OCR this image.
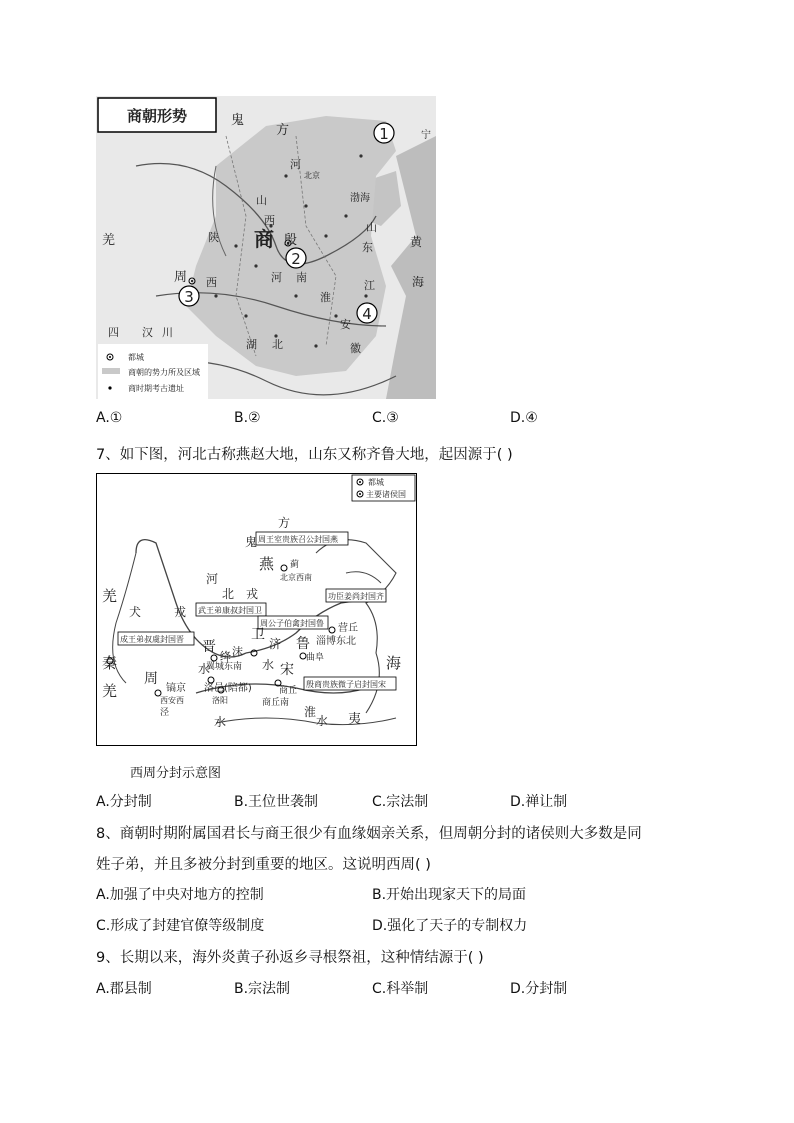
商朝形势	鬼
方
商 殷
周
羌
渤海
黄
海
河
南
河
淮
山
西
山
东
陕
西	江
安
徽
湖 北
四	川
汉
宁
北京
1
2
3
4
都城
商朝的势力所及区域
商时期考古遗址
A.①	B.②	C.③	D.④
7、如下图，河北古称燕赵大地，山东又称齐鲁大地，起因源于( )
都城
主要诸侯国
周王室贵族召公封国燕
武王弟康叔封国卫
周公子伯禽封国鲁
功臣姜尚封国齐
成王弟叔虞封国晋
殷商贵族微子启封国宋
方
鬼
燕 蓟
北京西南
河
北 戎
犬	戎
羌
羌
秦
周
晋
绛
翼城东南
卫
沫
济
水
鲁
曲阜
营丘
淄博东北
宋
商丘
商丘南
镐京
西安西
洛邑(陪都)
洛阳
海
夷
淮
水
水
水
泾
西周分封示意图
A.分封制	B.王位世袭制	C.宗法制	D.禅让制
8、商朝时期附属国君长与商王很少有血缘姻亲关系，但周朝分封的诸侯则大多数是同
姓子弟，并且多被分封到重要的地区。这说明西周( )
A.加强了中央对地方的控制	B.开始出现家天下的局面
C.形成了封建官僚等级制度	D.强化了天子的专制权力
9、长期以来，海外炎黄子孙返乡寻根祭祖，这种情结源于( )
A.郡县制	B.宗法制	C.科举制	D.分封制
